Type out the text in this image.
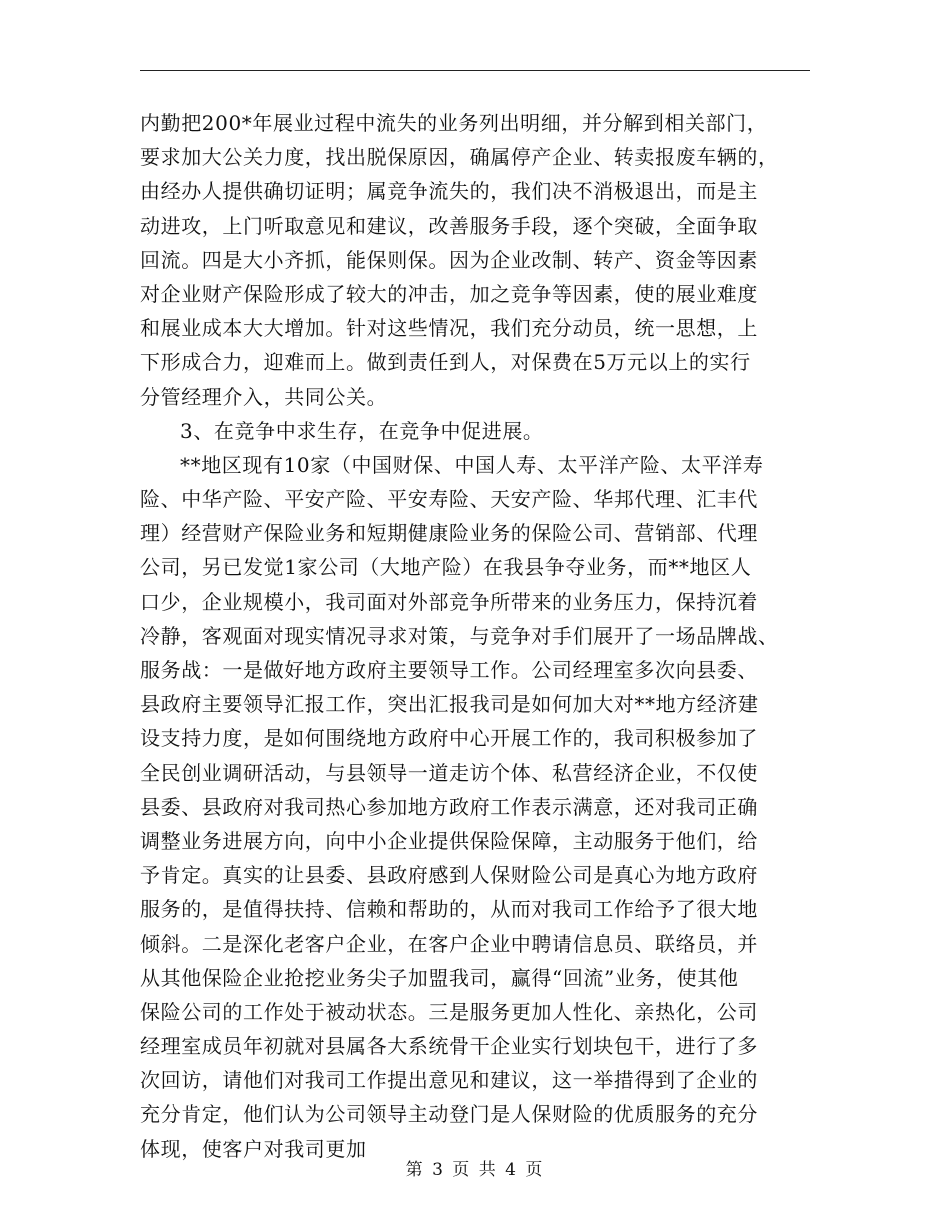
内勤把200*年展业过程中流失的业务列出明细，并分解到相关部门，
要求加大公关力度，找出脱保原因，确属停产企业、转卖报废车辆的，
由经办人提供确切证明；属竞争流失的，我们决不消极退出，而是主
动进攻，上门听取意见和建议，改善服务手段，逐个突破，全面争取
回流。四是大小齐抓，能保则保。因为企业改制、转产、资金等因素
对企业财产保险形成了较大的冲击，加之竞争等因素，使的展业难度
和展业成本大大增加。针对这些情况，我们充分动员，统一思想，上
下形成合力，迎难而上。做到责任到人，对保费在5万元以上的实行
分管经理介入，共同公关。
3、在竞争中求生存，在竞争中促进展。
**地区现有10家（中国财保、中国人寿、太平洋产险、太平洋寿
险、中华产险、平安产险、平安寿险、天安产险、华邦代理、汇丰代
理）经营财产保险业务和短期健康险业务的保险公司、营销部、代理
公司，另已发觉1家公司（大地产险）在我县争夺业务，而**地区人
口少，企业规模小，我司面对外部竞争所带来的业务压力，保持沉着
冷静，客观面对现实情况寻求对策，与竞争对手们展开了一场品牌战、
服务战：一是做好地方政府主要领导工作。公司经理室多次向县委、
县政府主要领导汇报工作，突出汇报我司是如何加大对**地方经济建
设支持力度，是如何围绕地方政府中心开展工作的，我司积极参加了
全民创业调研活动，与县领导一道走访个体、私营经济企业，不仅使
县委、县政府对我司热心参加地方政府工作表示满意，还对我司正确
调整业务进展方向，向中小企业提供保险保障，主动服务于他们，给
予肯定。真实的让县委、县政府感到人保财险公司是真心为地方政府
服务的，是值得扶持、信赖和帮助的，从而对我司工作给予了很大地
倾斜。二是深化老客户企业，在客户企业中聘请信息员、联络员，并
从其他保险企业抢挖业务尖子加盟我司，赢得“回流”业务，使其他
保险公司的工作处于被动状态。三是服务更加人性化、亲热化，公司
经理室成员年初就对县属各大系统骨干企业实行划块包干，进行了多
次回访，请他们对我司工作提出意见和建议，这一举措得到了企业的
充分肯定，他们认为公司领导主动登门是人保财险的优质服务的充分
体现，使客户对我司更加
第 3 页 共 4 页
